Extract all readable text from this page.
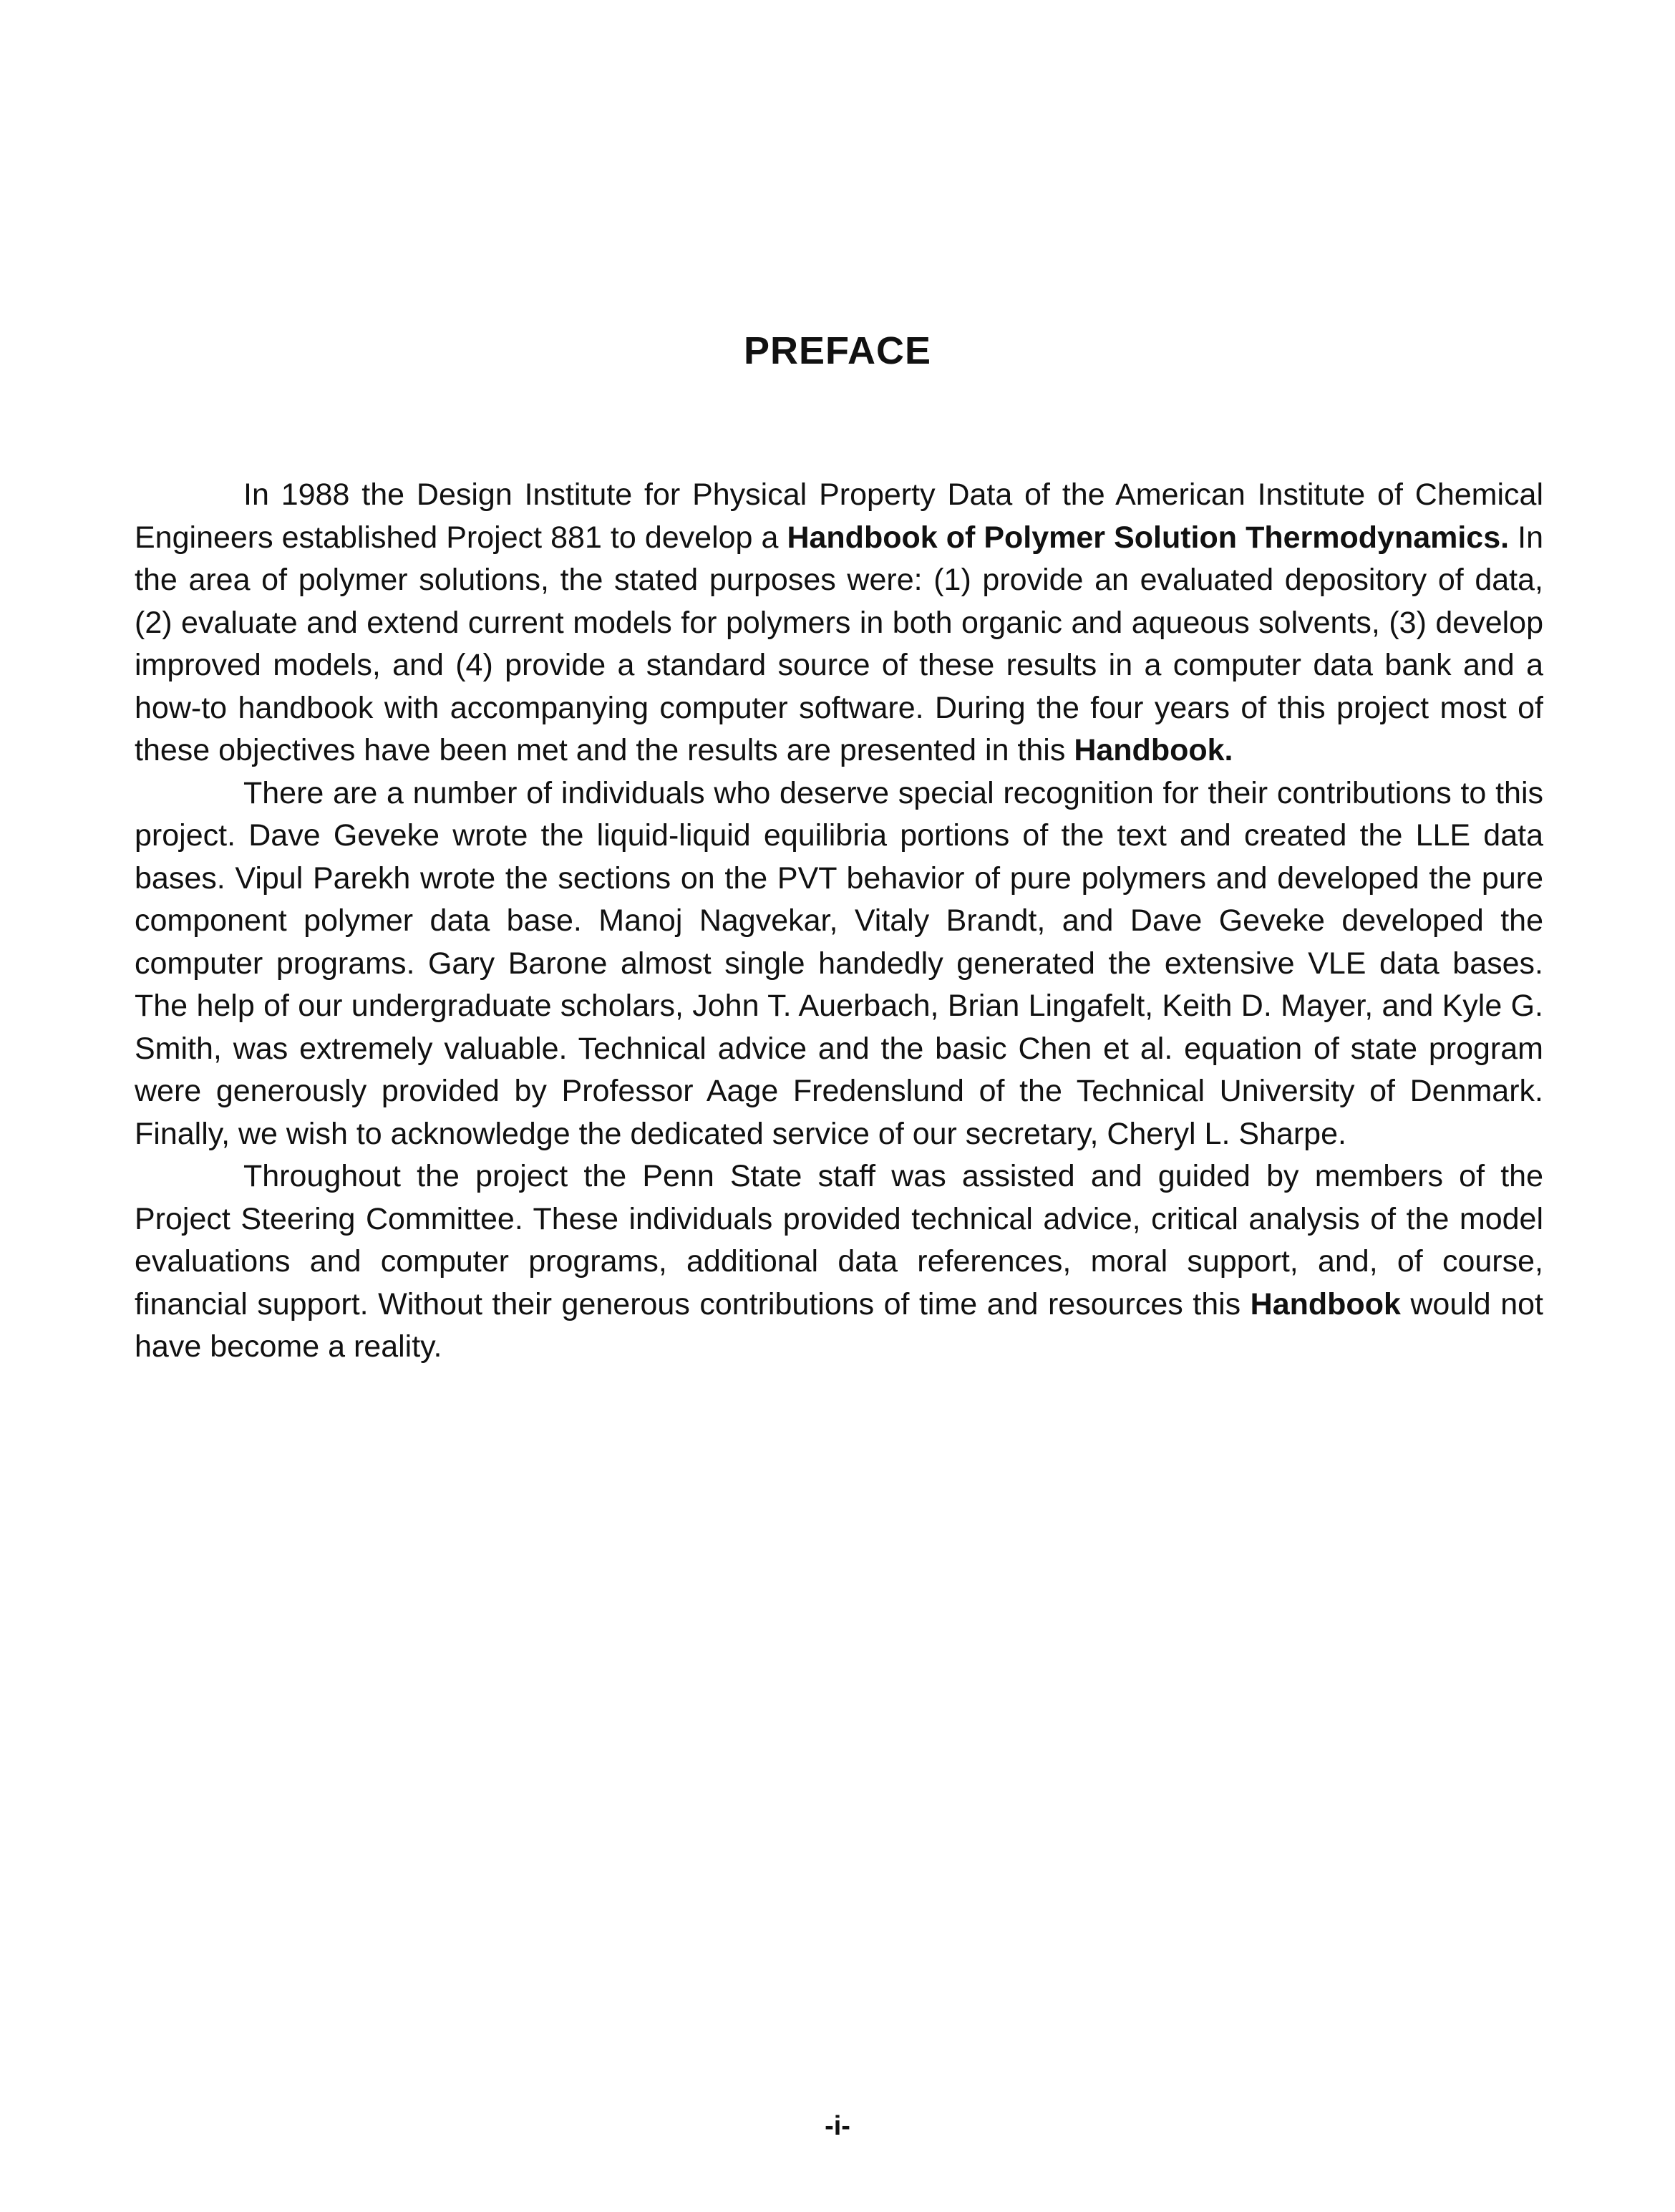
PREFACE

In 1988 the Design Institute for Physical Property Data of the American Institute of Chemical Engineers established Project 881 to develop a Handbook of Polymer Solution Thermodynamics. In the area of polymer solutions, the stated purposes were: (1) provide an evaluated depository of data, (2) evaluate and extend current models for polymers in both organic and aqueous solvents, (3) develop improved models, and (4) provide a standard source of these results in a computer data bank and a how-to handbook with accompanying computer software. During the four years of this project most of these objectives have been met and the results are presented in this Handbook.

There are a number of individuals who deserve special recognition for their contributions to this project. Dave Geveke wrote the liquid-liquid equilibria portions of the text and created the LLE data bases. Vipul Parekh wrote the sections on the PVT behavior of pure polymers and developed the pure component polymer data base. Manoj Nagvekar, Vitaly Brandt, and Dave Geveke developed the computer programs. Gary Barone almost single handedly generated the extensive VLE data bases. The help of our undergraduate scholars, John T. Auerbach, Brian Lingafelt, Keith D. Mayer, and Kyle G. Smith, was extremely valuable. Technical advice and the basic Chen et al. equation of state program were generously provided by Professor Aage Fredenslund of the Technical University of Denmark. Finally, we wish to acknowledge the dedicated service of our secretary, Cheryl L. Sharpe.

Throughout the project the Penn State staff was assisted and guided by members of the Project Steering Committee. These individuals provided technical advice, critical analysis of the model evaluations and computer programs, additional data references, moral support, and, of course, financial support. Without their generous contributions of time and resources this Handbook would not have become a reality.

-i-
